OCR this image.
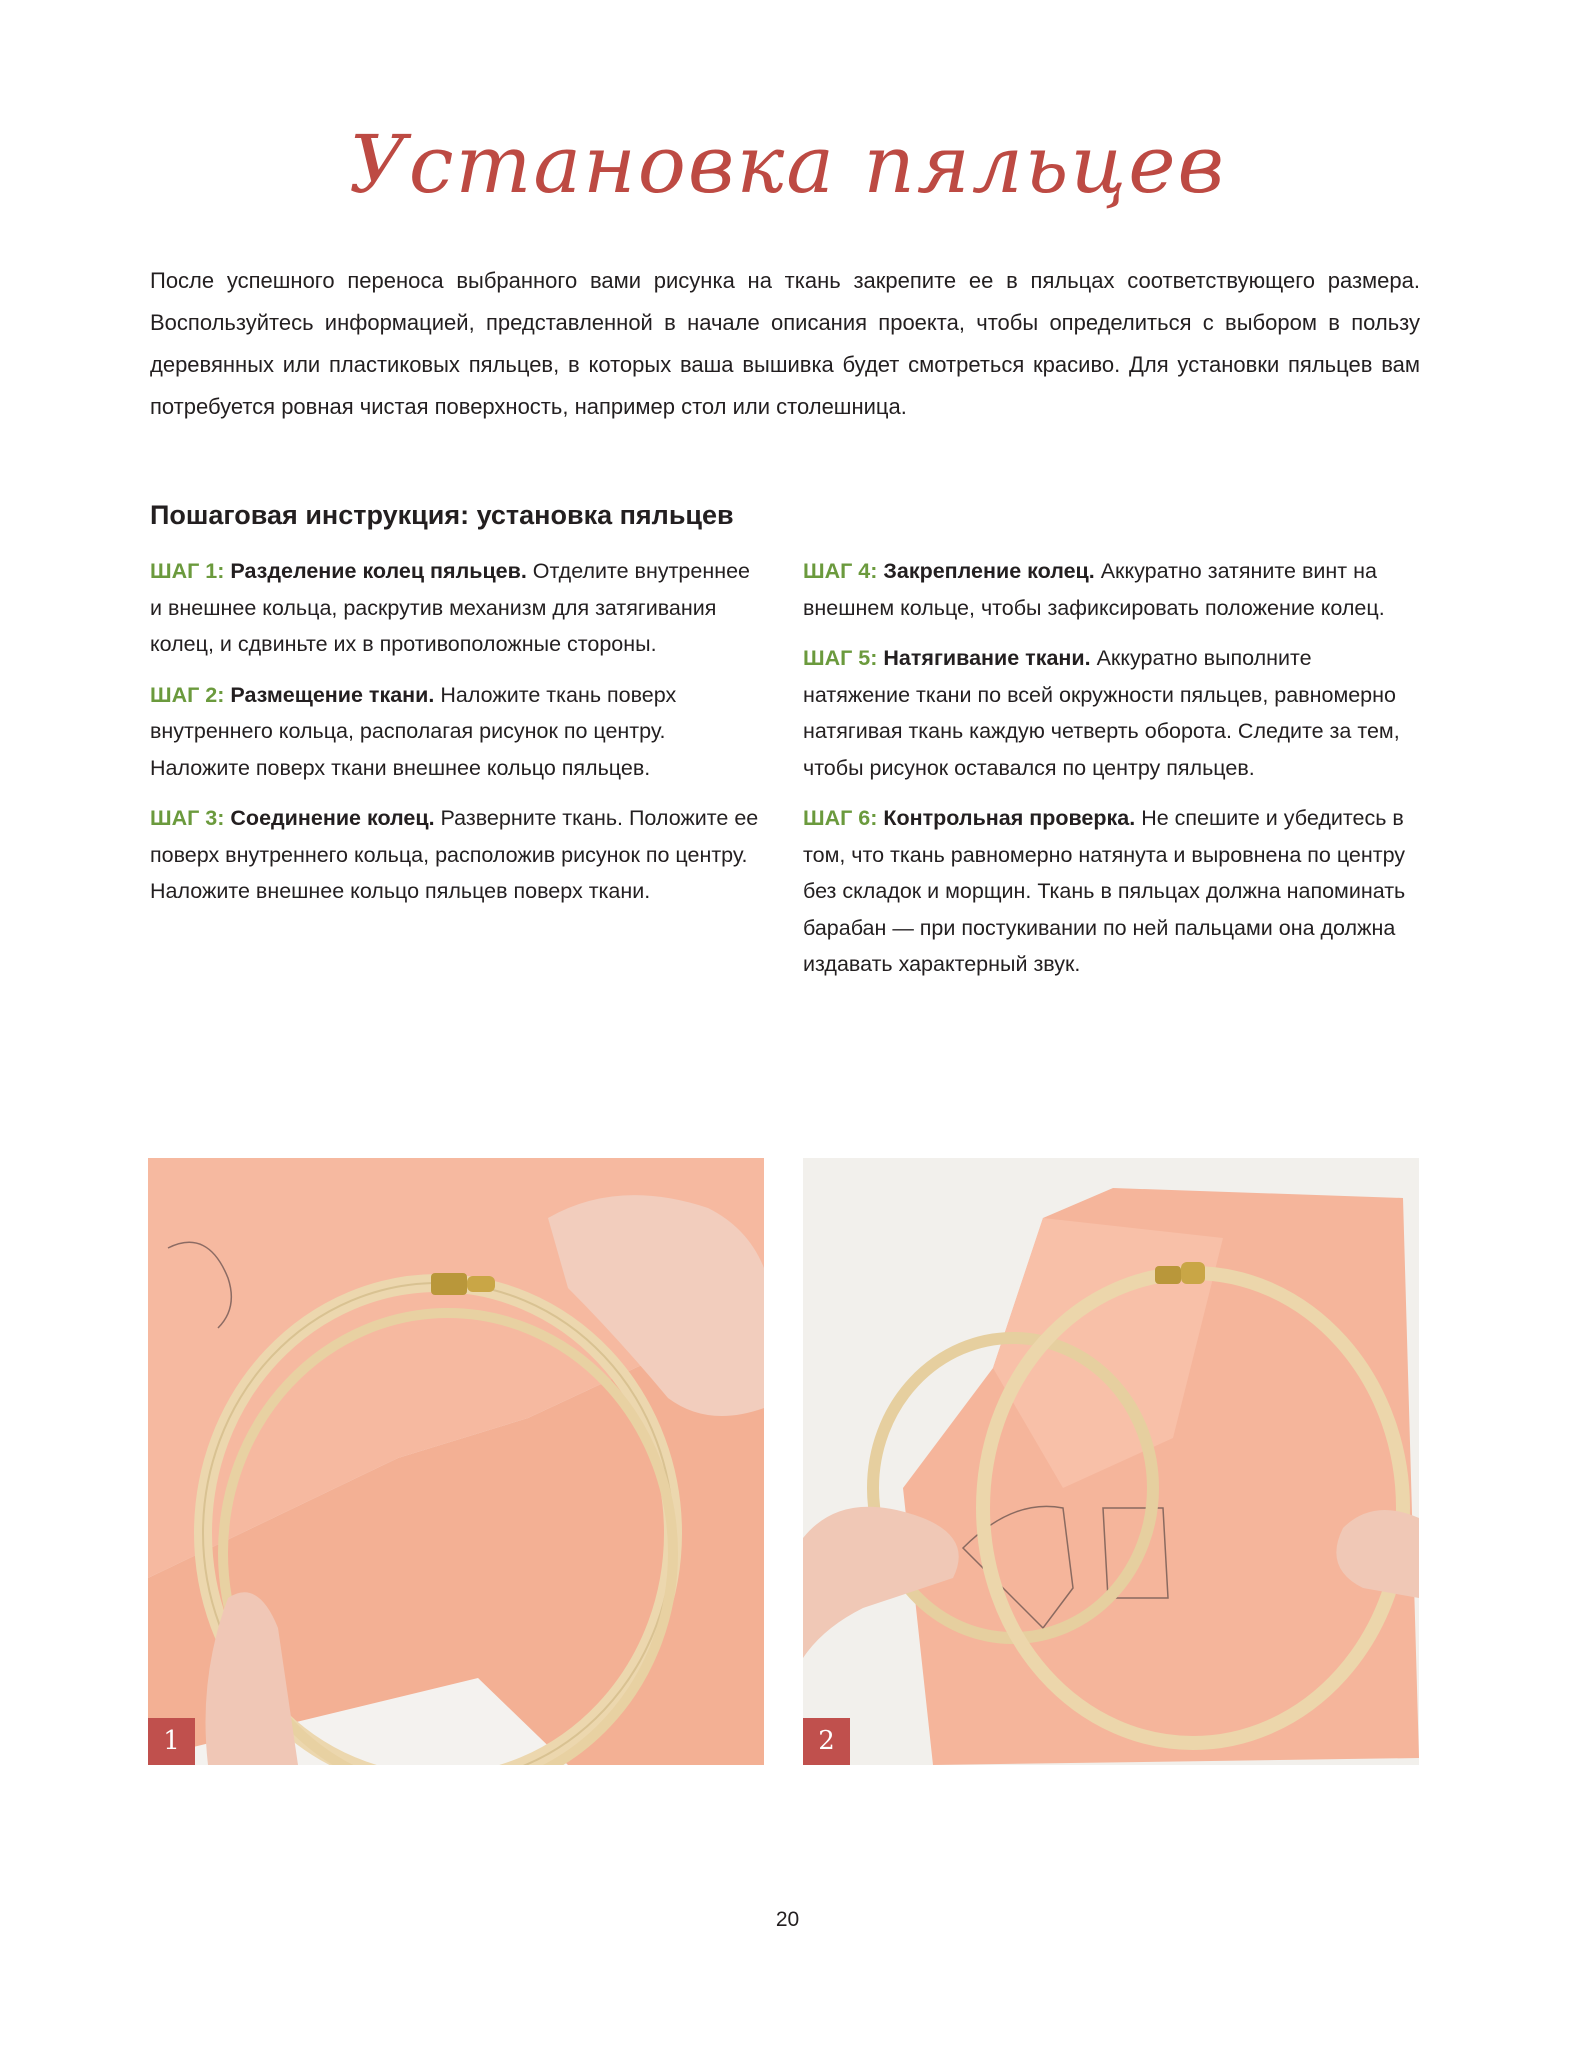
Установка пяльцев

После успешного переноса выбранного вами рисунка на ткань закрепите ее в пяльцах соответствующего размера. Воспользуйтесь информацией, представленной в начале описания проекта, чтобы определиться с выбором в пользу деревянных или пластиковых пяльцев, в которых ваша вышивка будет смотреться красиво. Для установки пяльцев вам потребуется ровная чистая поверхность, например стол или столешница.

Пошаговая инструкция: установка пяльцев

ШАГ 1: Разделение колец пяльцев. Отделите внутреннее и внешнее кольца, раскрутив механизм для затягивания колец, и сдвиньте их в противоположные стороны.

ШАГ 2: Размещение ткани. Наложите ткань поверх внутреннего кольца, располагая рисунок по центру. Наложите поверх ткани внешнее кольцо пяльцев.

ШАГ 3: Соединение колец. Разверните ткань. Положите ее поверх внутреннего кольца, расположив рисунок по центру. Наложите внешнее кольцо пяльцев поверх ткани.

ШАГ 4: Закрепление колец. Аккуратно затяните винт на внешнем кольце, чтобы зафиксировать положение колец.

ШАГ 5: Натягивание ткани. Аккуратно выполните натяжение ткани по всей окружности пяльцев, равномерно натягивая ткань каждую четверть оборота. Следите за тем, чтобы рисунок оставался по центру пяльцев.

ШАГ 6: Контрольная проверка. Не спешите и убедитесь в том, что ткань равномерно натянута и выровнена по центру без складок и морщин. Ткань в пяльцах должна напоминать барабан — при постукивании по ней пальцами она должна издавать характерный звук.

1	2
20
